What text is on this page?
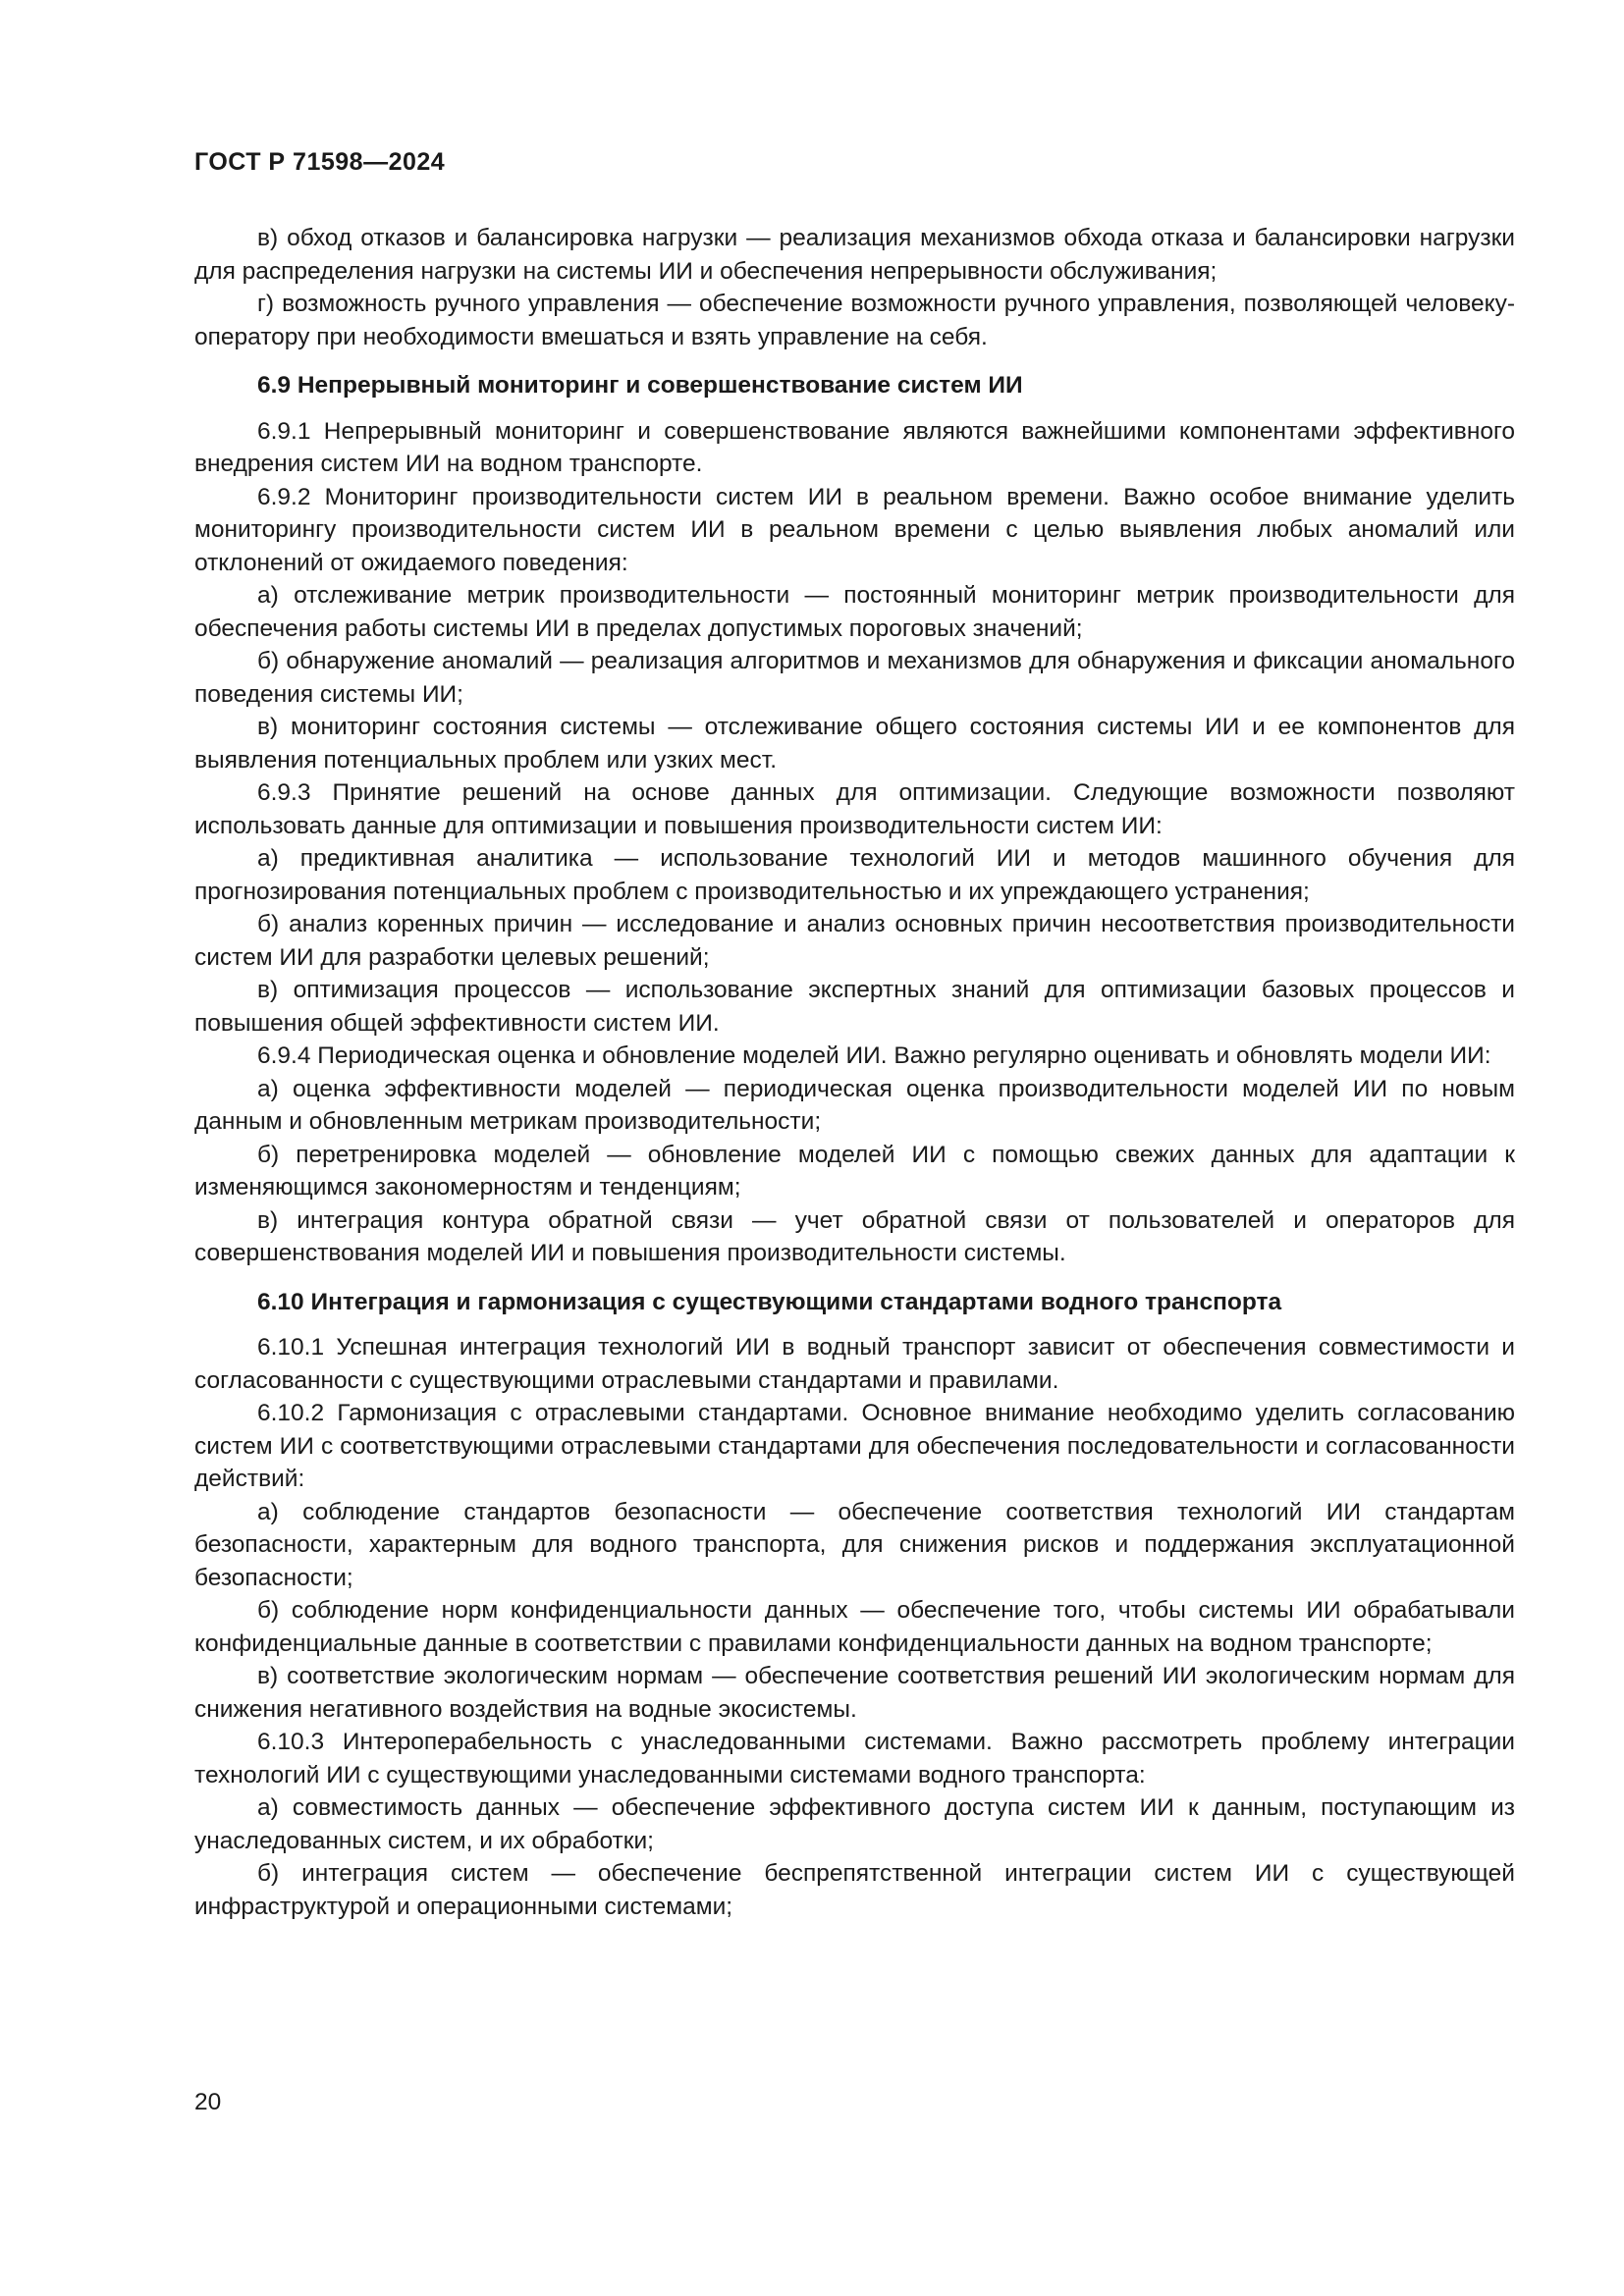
ГОСТ Р 71598—2024

в) обход отказов и балансировка нагрузки — реализация механизмов обхода отказа и балансировки нагрузки для распределения нагрузки на системы ИИ и обеспечения непрерывности обслуживания;

г) возможность ручного управления — обеспечение возможности ручного управления, позволяющей человеку-оператору при необходимости вмешаться и взять управление на себя.

6.9 Непрерывный мониторинг и совершенствование систем ИИ

6.9.1 Непрерывный мониторинг и совершенствование являются важнейшими компонентами эффективного внедрения систем ИИ на водном транспорте.

6.9.2 Мониторинг производительности систем ИИ в реальном времени. Важно особое внимание уделить мониторингу производительности систем ИИ в реальном времени с целью выявления любых аномалий или отклонений от ожидаемого поведения:

а) отслеживание метрик производительности — постоянный мониторинг метрик производительности для обеспечения работы системы ИИ в пределах допустимых пороговых значений;

б) обнаружение аномалий — реализация алгоритмов и механизмов для обнаружения и фиксации аномального поведения системы ИИ;

в) мониторинг состояния системы — отслеживание общего состояния системы ИИ и ее компонентов для выявления потенциальных проблем или узких мест.

6.9.3 Принятие решений на основе данных для оптимизации. Следующие возможности позволяют использовать данные для оптимизации и повышения производительности систем ИИ:

а) предиктивная аналитика — использование технологий ИИ и методов машинного обучения для прогнозирования потенциальных проблем с производительностью и их упреждающего устранения;

б) анализ коренных причин — исследование и анализ основных причин несоответствия производительности систем ИИ для разработки целевых решений;

в) оптимизация процессов — использование экспертных знаний для оптимизации базовых процессов и повышения общей эффективности систем ИИ.

6.9.4 Периодическая оценка и обновление моделей ИИ. Важно регулярно оценивать и обновлять модели ИИ:

а) оценка эффективности моделей — периодическая оценка производительности моделей ИИ по новым данным и обновленным метрикам производительности;

б) перетренировка моделей — обновление моделей ИИ с помощью свежих данных для адаптации к изменяющимся закономерностям и тенденциям;

в) интеграция контура обратной связи — учет обратной связи от пользователей и операторов для совершенствования моделей ИИ и повышения производительности системы.

6.10 Интеграция и гармонизация с существующими стандартами водного транспорта

6.10.1 Успешная интеграция технологий ИИ в водный транспорт зависит от обеспечения совместимости и согласованности с существующими отраслевыми стандартами и правилами.

6.10.2 Гармонизация с отраслевыми стандартами. Основное внимание необходимо уделить согласованию систем ИИ с соответствующими отраслевыми стандартами для обеспечения последовательности и согласованности действий:

а) соблюдение стандартов безопасности — обеспечение соответствия технологий ИИ стандартам безопасности, характерным для водного транспорта, для снижения рисков и поддержания эксплуатационной безопасности;

б) соблюдение норм конфиденциальности данных — обеспечение того, чтобы системы ИИ обрабатывали конфиденциальные данные в соответствии с правилами конфиденциальности данных на водном транспорте;

в) соответствие экологическим нормам — обеспечение соответствия решений ИИ экологическим нормам для снижения негативного воздействия на водные экосистемы.

6.10.3 Интероперабельность с унаследованными системами. Важно рассмотреть проблему интеграции технологий ИИ с существующими унаследованными системами водного транспорта:

а) совместимость данных — обеспечение эффективного доступа систем ИИ к данным, поступающим из унаследованных систем, и их обработки;

б) интеграция систем — обеспечение беспрепятственной интеграции систем ИИ с существующей инфраструктурой и операционными системами;

20
